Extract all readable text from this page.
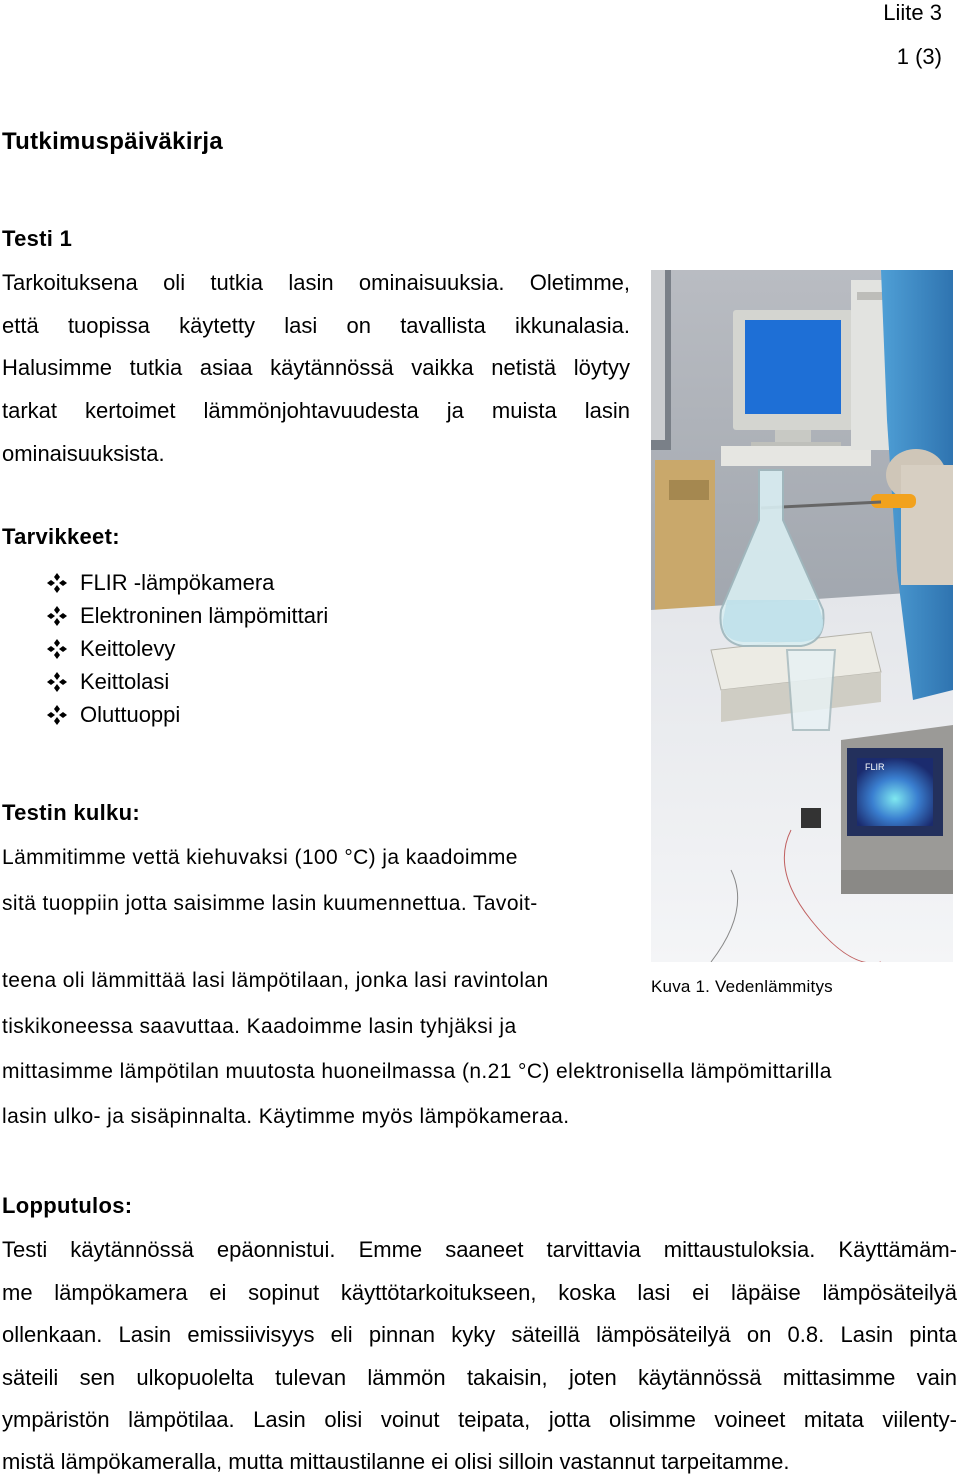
Liite 3
1 (3)
Tutkimuspäiväkirja
Testi 1
Tarkoituksena oli tutkia lasin ominaisuuksia. Oletimme,
että tuopissa käytetty lasi on tavallista ikkunalasia.
Halusimme tutkia asiaa käytännössä vaikka netistä löytyy
tarkat kertoimet lämmönjohtavuudesta ja muista lasin
ominaisuuksista.
Tarvikkeet:
FLIR -lämpökamera
Elektroninen lämpömittari
Keittolevy
Keittolasi
Oluttuoppi
FLIR
Kuva 1. Vedenlämmitys
Testin kulku:
Lämmitimme vettä kiehuvaksi (100 °C) ja kaadoimme
sitä tuoppiin jotta saisimme lasin kuumennettua. Tavoit-
teena oli lämmittää lasi lämpötilaan, jonka lasi ravintolan
tiskikoneessa saavuttaa. Kaadoimme lasin tyhjäksi ja
mittasimme lämpötilan muutosta huoneilmassa (n.21 °C) elektronisella lämpömittarilla
lasin ulko- ja sisäpinnalta. Käytimme myös lämpökameraa.
Lopputulos:
Testi käytännössä epäonnistui. Emme saaneet tarvittavia mittaustuloksia. Käyttämäm-
me lämpökamera ei sopinut käyttötarkoitukseen, koska lasi ei läpäise lämpösäteilyä
ollenkaan. Lasin emissiivisyys eli pinnan kyky säteillä lämpösäteilyä on 0.8. Lasin pinta
säteili sen ulkopuolelta tulevan lämmön takaisin, joten käytännössä mittasimme vain
ympäristön lämpötilaa. Lasin olisi voinut teipata, jotta olisimme voineet mitata viilenty-
mistä lämpökameralla, mutta mittaustilanne ei olisi silloin vastannut tarpeitamme.
